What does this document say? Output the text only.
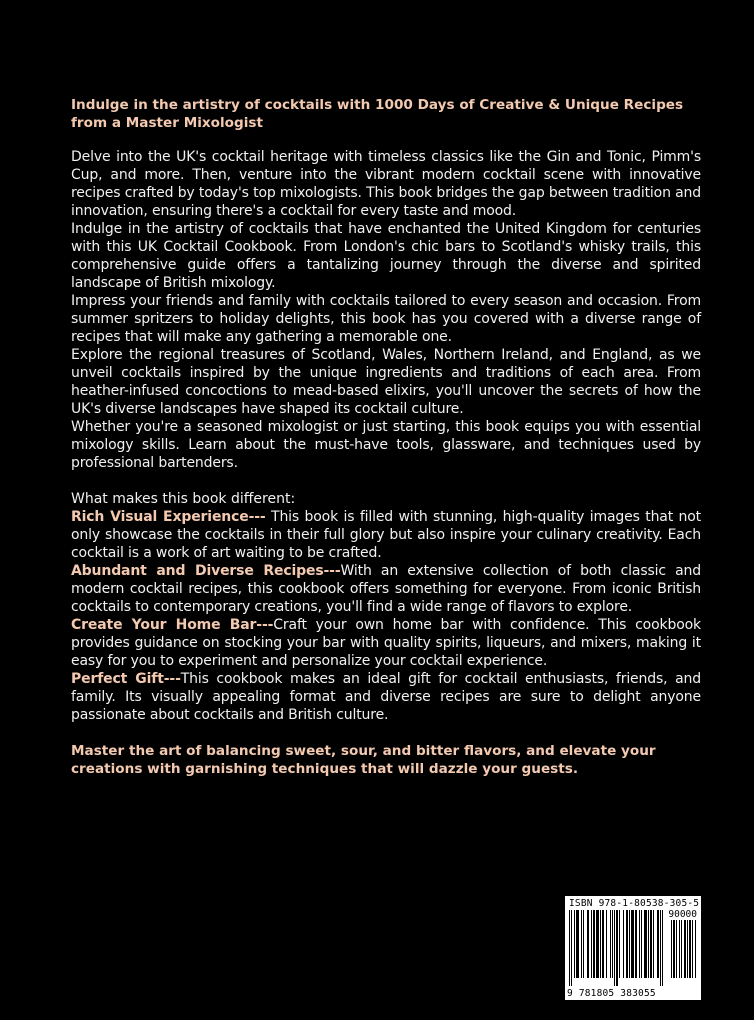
Indulge in the artistry of cocktails with 1000 Days of Creative & Unique Recipes from a Master Mixologist

Delve into the UK's cocktail heritage with timeless classics like the Gin and Tonic, Pimm's Cup, and more. Then, venture into the vibrant modern cocktail scene with innovative recipes crafted by today's top mixologists. This book bridges the gap between tradition and innovation, ensuring there's a cocktail for every taste and mood.

Indulge in the artistry of cocktails that have enchanted the United Kingdom for centuries with this UK Cocktail Cookbook. From London's chic bars to Scotland's whisky trails, this comprehensive guide offers a tantalizing journey through the diverse and spirited landscape of British mixology.

Impress your friends and family with cocktails tailored to every season and occasion. From summer spritzers to holiday delights, this book has you covered with a diverse range of recipes that will make any gathering a memorable one.

Explore the regional treasures of Scotland, Wales, Northern Ireland, and England, as we unveil cocktails inspired by the unique ingredients and traditions of each area. From heather-infused concoctions to mead-based elixirs, you'll uncover the secrets of how the UK's diverse landscapes have shaped its cocktail culture.

Whether you're a seasoned mixologist or just starting, this book equips you with essential mixology skills. Learn about the must-have tools, glassware, and techniques used by professional bartenders.

What makes this book different:

Rich Visual Experience--- This book is filled with stunning, high-quality images that not only showcase the cocktails in their full glory but also inspire your culinary creativity. Each cocktail is a work of art waiting to be crafted.

Abundant and Diverse Recipes---With an extensive collection of both classic and modern cocktail recipes, this cookbook offers something for everyone. From iconic British cocktails to contemporary creations, you'll find a wide range of flavors to explore.

Create Your Home Bar---Craft your own home bar with confidence. This cookbook provides guidance on stocking your bar with quality spirits, liqueurs, and mixers, making it easy for you to experiment and personalize your cocktail experience.

Perfect Gift---This cookbook makes an ideal gift for cocktail enthusiasts, friends, and family. Its visually appealing format and diverse recipes are sure to delight anyone passionate about cocktails and British culture.

Master the art of balancing sweet, sour, and bitter flavors, and elevate your creations with garnishing techniques that will dazzle your guests.

ISBN 978-1-80538-305-5
90000
9 781805 383055
